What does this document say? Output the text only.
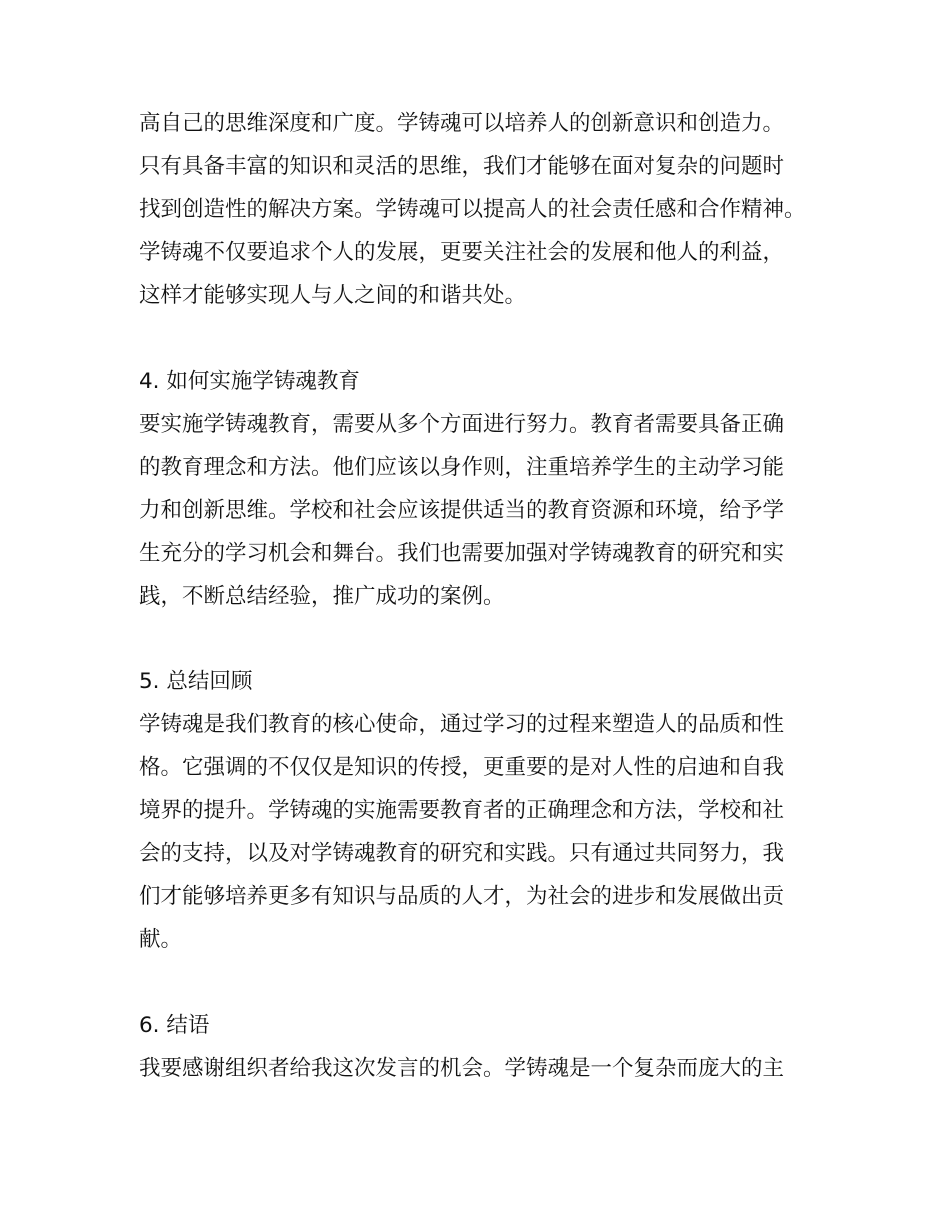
高自己的思维深度和广度。学铸魂可以培养人的创新意识和创造力。
只有具备丰富的知识和灵活的思维，我们才能够在面对复杂的问题时
找到创造性的解决方案。学铸魂可以提高人的社会责任感和合作精神。
学铸魂不仅要追求个人的发展，更要关注社会的发展和他人的利益，
这样才能够实现人与人之间的和谐共处。
4. 如何实施学铸魂教育
要实施学铸魂教育，需要从多个方面进行努力。教育者需要具备正确
的教育理念和方法。他们应该以身作则，注重培养学生的主动学习能
力和创新思维。学校和社会应该提供适当的教育资源和环境，给予学
生充分的学习机会和舞台。我们也需要加强对学铸魂教育的研究和实
践，不断总结经验，推广成功的案例。
5. 总结回顾
学铸魂是我们教育的核心使命，通过学习的过程来塑造人的品质和性
格。它强调的不仅仅是知识的传授，更重要的是对人性的启迪和自我
境界的提升。学铸魂的实施需要教育者的正确理念和方法，学校和社
会的支持，以及对学铸魂教育的研究和实践。只有通过共同努力，我
们才能够培养更多有知识与品质的人才，为社会的进步和发展做出贡
献。
6. 结语
我要感谢组织者给我这次发言的机会。学铸魂是一个复杂而庞大的主
